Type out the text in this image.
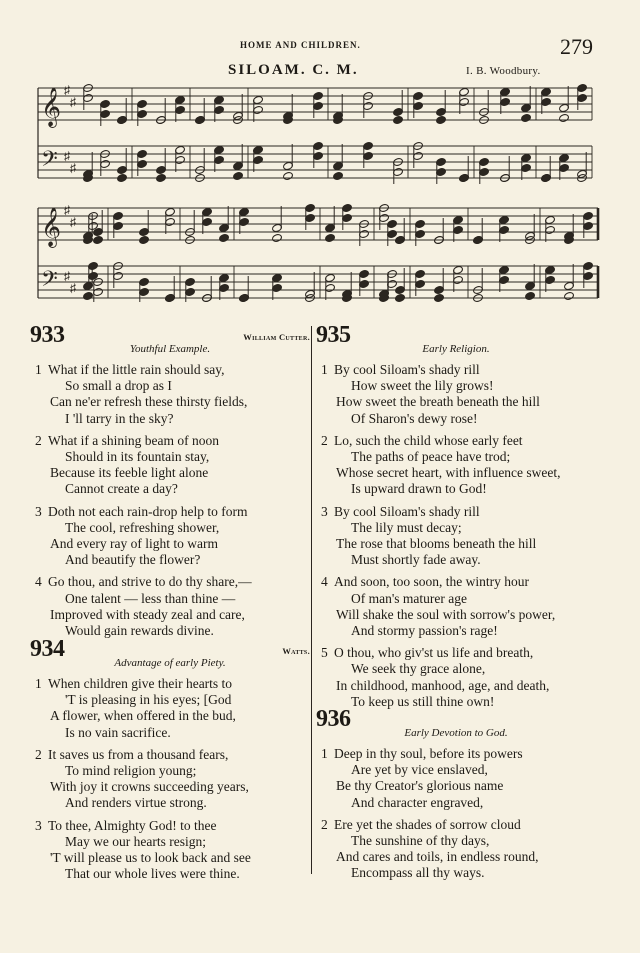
HOME AND CHILDREN.	279
SILOAM. C. M.	I. B. Woodbury.
𝄞 ♯
♯
𝄢 ♯
♯
𝄞 ♯
♯
𝄢 ♯
♯
933	William Cutter.
Youthful Example.
1 What if the little rain should say,
So small a drop as I
Can ne'er refresh these thirsty fields,
I 'll tarry in the sky?
2 What if a shining beam of noon
Should in its fountain stay,
Because its feeble light alone
Cannot create a day?
3 Doth not each rain-drop help to form
The cool, refreshing shower,
And every ray of light to warm
And beautify the flower?
4 Go thou, and strive to do thy share,—
One talent — less than thine —
Improved with steady zeal and care,
Would gain rewards divine.
934	Watts.
Advantage of early Piety.
1 When children give their hearts to
'T is pleasing in his eyes; [God
A flower, when offered in the bud,
Is no vain sacrifice.
2 It saves us from a thousand fears,
To mind religion young;
With joy it crowns succeeding years,
And renders virtue strong.
3 To thee, Almighty God! to thee
May we our hearts resign;
'T will please us to look back and see
That our whole lives were thine.
935
Early Religion.
1 By cool Siloam's shady rill
How sweet the lily grows!
How sweet the breath beneath the hill
Of Sharon's dewy rose!
2 Lo, such the child whose early feet
The paths of peace have trod;
Whose secret heart, with influence sweet,
Is upward drawn to God!
3 By cool Siloam's shady rill
The lily must decay;
The rose that blooms beneath the hill
Must shortly fade away.
4 And soon, too soon, the wintry hour
Of man's maturer age
Will shake the soul with sorrow's power,
And stormy passion's rage!
5 O thou, who giv'st us life and breath,
We seek thy grace alone,
In childhood, manhood, age, and death,
To keep us still thine own!
936
Early Devotion to God.
1 Deep in thy soul, before its powers
Are yet by vice enslaved,
Be thy Creator's glorious name
And character engraved,
2 Ere yet the shades of sorrow cloud
The sunshine of thy days,
And cares and toils, in endless round,
Encompass all thy ways.
